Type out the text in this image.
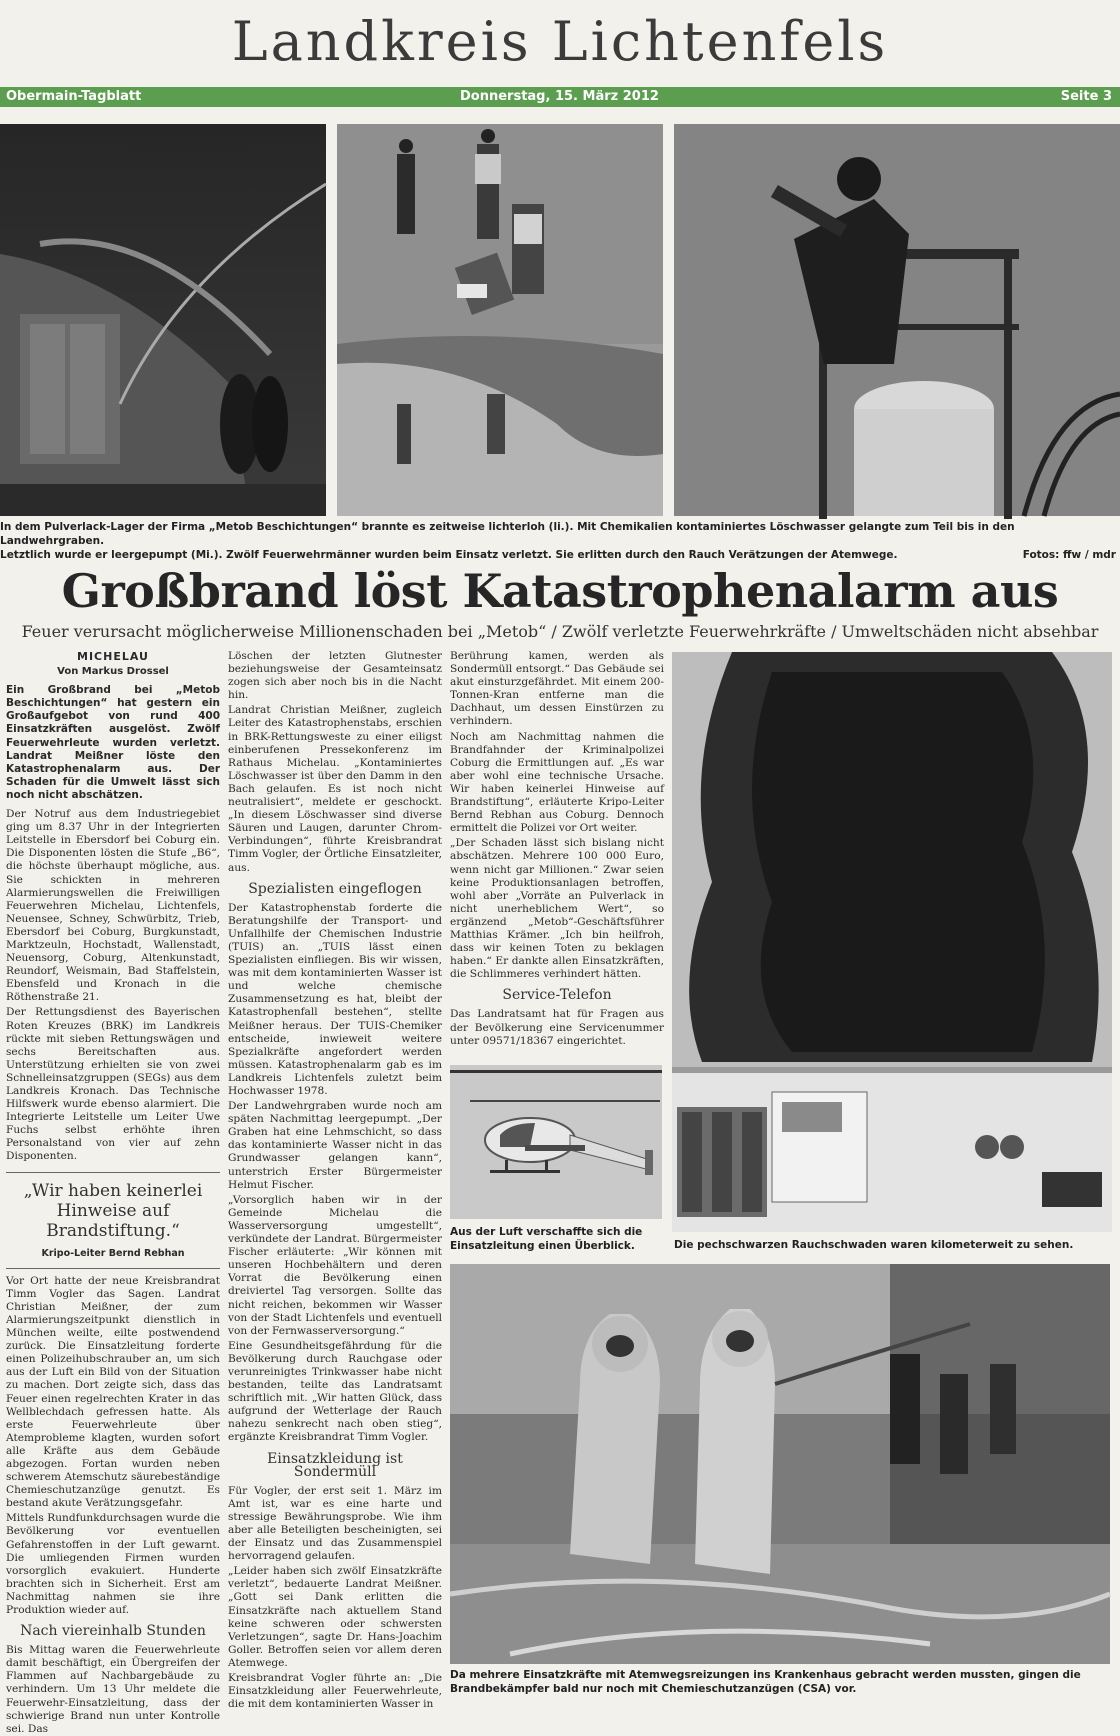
Landkreis Lichtenfels
Obermain-Tagblatt	Donnerstag, 15. März 2012	Seite 3
In dem Pulverlack-Lager der Firma „Metob Beschichtungen“ brannte es zeitweise lichterloh (li.). Mit Chemikalien kontaminiertes Löschwasser gelangte zum Teil bis in den Landwehrgraben.
Letztlich wurde er leergepumpt (Mi.). Zwölf Feuerwehrmänner wurden beim Einsatz verletzt. Sie erlitten durch den Rauch Verätzungen der Atemwege.	Fotos: ffw / mdr
Großbrand löst Katastrophenalarm aus
Feuer verursacht möglicherweise Millionenschaden bei „Metob“ / Zwölf verletzte Feuerwehrkräfte / Umweltschäden nicht absehbar

MICHELAU

Von Markus Drossel

Ein Großbrand bei „Metob Beschichtungen“ hat gestern ein Großaufgebot von rund 400 Einsatzkräften ausgelöst. Zwölf Feuerwehrleute wurden verletzt. Landrat Meißner löste den Katastrophenalarm aus. Der Schaden für die Umwelt lässt sich noch nicht abschätzen.

Der Notruf aus dem Industriegebiet ging um 8.37 Uhr in der Integrierten Leitstelle in Ebersdorf bei Coburg ein. Die Disponenten lösten die Stufe „B6“, die höchste überhaupt mögliche, aus. Sie schickten in mehreren Alarmierungswellen die Freiwilligen Feuerwehren Michelau, Lichtenfels, Neuensee, Schney, Schwürbitz, Trieb, Ebersdorf bei Coburg, Burgkunstadt, Marktzeuln, Hochstadt, Wallenstadt, Neuensorg, Coburg, Altenkunstadt, Reundorf, Weismain, Bad Staffelstein, Ebensfeld und Kronach in die Röthenstraße 21.

Der Rettungsdienst des Bayerischen Roten Kreuzes (BRK) im Landkreis rückte mit sieben Rettungswägen und sechs Bereitschaften aus. Unterstützung erhielten sie von zwei Schnelleinsatzgruppen (SEGs) aus dem Landkreis Kronach. Das Technische Hilfswerk wurde ebenso alarmiert. Die Integrierte Leitstelle um Leiter Uwe Fuchs selbst erhöhte ihren Personalstand von vier auf zehn Disponenten.

„Wir haben keinerlei Hinweise auf Brandstiftung.“
Kripo-Leiter Bernd Rebhan

Vor Ort hatte der neue Kreisbrandrat Timm Vogler das Sagen. Landrat Christian Meißner, der zum Alarmierungszeitpunkt dienstlich in München weilte, eilte postwendend zurück. Die Einsatzleitung forderte einen Polizeihubschrauber an, um sich aus der Luft ein Bild von der Situation zu machen. Dort zeigte sich, dass das Feuer einen regelrechten Krater in das Wellblechdach gefressen hatte. Als erste Feuerwehrleute über Atemprobleme klagten, wurden sofort alle Kräfte aus dem Gebäude abgezogen. Fortan wurden neben schwerem Atemschutz säurebeständige Chemieschutzanzüge genutzt. Es bestand akute Verätzungsgefahr.

Mittels Rundfunkdurchsagen wurde die Bevölkerung vor eventuellen Gefahrenstoffen in der Luft gewarnt. Die umliegenden Firmen wurden vorsorglich evakuiert. Hunderte brachten sich in Sicherheit. Erst am Nachmittag nahmen sie ihre Produktion wieder auf.

Nach viereinhalb Stunden

Bis Mittag waren die Feuerwehrleute damit beschäftigt, ein Übergreifen der Flammen auf Nachbargebäude zu verhindern. Um 13 Uhr meldete die Feuerwehr-Einsatzleitung, dass der schwierige Brand nun unter Kontrolle sei. Das

Löschen der letzten Glutnester beziehungsweise der Gesamteinsatz zogen sich aber noch bis in die Nacht hin.

Landrat Christian Meißner, zugleich Leiter des Katastrophenstabs, erschien in BRK-Rettungsweste zu einer eiligst einberufenen Pressekonferenz im Rathaus Michelau. „Kontaminiertes Löschwasser ist über den Damm in den Bach gelaufen. Es ist noch nicht neutralisiert“, meldete er geschockt. „In diesem Löschwasser sind diverse Säuren und Laugen, darunter Chrom-Verbindungen“, führte Kreisbrandrat Timm Vogler, der Örtliche Einsatzleiter, aus.

Spezialisten eingeflogen

Der Katastrophenstab forderte die Beratungshilfe der Transport- und Unfallhilfe der Chemischen Industrie (TUIS) an. „TUIS lässt einen Spezialisten einfliegen. Bis wir wissen, was mit dem kontaminierten Wasser ist und welche chemische Zusammensetzung es hat, bleibt der Katastrophenfall bestehen“, stellte Meißner heraus. Der TUIS-Chemiker entscheide, inwieweit weitere Spezialkräfte angefordert werden müssen. Katastrophenalarm gab es im Landkreis Lichtenfels zuletzt beim Hochwasser 1978.

Der Landwehrgraben wurde noch am späten Nachmittag leergepumpt. „Der Graben hat eine Lehmschicht, so dass das kontaminierte Wasser nicht in das Grundwasser gelangen kann“, unterstrich Erster Bürgermeister Helmut Fischer.

„Vorsorglich haben wir in der Gemeinde Michelau die Wasserversorgung umgestellt“, verkündete der Landrat. Bürgermeister Fischer erläuterte: „Wir können mit unseren Hochbehältern und deren Vorrat die Bevölkerung einen dreiviertel Tag versorgen. Sollte das nicht reichen, bekommen wir Wasser von der Stadt Lichtenfels und eventuell von der Fernwasserversorgung.“

Eine Gesundheitsgefährdung für die Bevölkerung durch Rauchgase oder verunreinigtes Trinkwasser habe nicht bestanden, teilte das Landratsamt schriftlich mit. „Wir hatten Glück, dass aufgrund der Wetterlage der Rauch nahezu senkrecht nach oben stieg“, ergänzte Kreisbrandrat Timm Vogler.

Einsatzkleidung ist Sondermüll

Für Vogler, der erst seit 1. März im Amt ist, war es eine harte und stressige Bewährungsprobe. Wie ihm aber alle Beteiligten bescheinigten, sei der Einsatz und das Zusammenspiel hervorragend gelaufen.

„Leider haben sich zwölf Einsatzkräfte verletzt“, bedauerte Landrat Meißner. „Gott sei Dank erlitten die Einsatzkräfte nach aktuellem Stand keine schweren oder schwersten Verletzungen“, sagte Dr. Hans-Joachim Goller. Betroffen seien vor allem deren Atemwege.

Kreisbrandrat Vogler führte an: „Die Einsatzkleidung aller Feuerwehrleute, die mit dem kontaminierten Wasser in

Berührung kamen, werden als Sondermüll entsorgt.“ Das Gebäude sei akut einsturzgefährdet. Mit einem 200-Tonnen-Kran entferne man die Dachhaut, um dessen Einstürzen zu verhindern.

Noch am Nachmittag nahmen die Brandfahnder der Kriminalpolizei Coburg die Ermittlungen auf. „Es war aber wohl eine technische Ursache. Wir haben keinerlei Hinweise auf Brandstiftung“, erläuterte Kripo-Leiter Bernd Rebhan aus Coburg. Dennoch ermittelt die Polizei vor Ort weiter.

„Der Schaden lässt sich bislang nicht abschätzen. Mehrere 100 000 Euro, wenn nicht gar Millionen.“ Zwar seien keine Produktionsanlagen betroffen, wohl aber „Vorräte an Pulverlack in nicht unerheblichem Wert“, so ergänzend „Metob“-Geschäftsführer Matthias Krämer. „Ich bin heilfroh, dass wir keinen Toten zu beklagen haben.“ Er dankte allen Einsatzkräften, die Schlimmeres verhindert hätten.

Service-Telefon

Das Landratsamt hat für Fragen aus der Bevölkerung eine Servicenummer unter 09571/18367 eingerichtet.

Aus der Luft verschaffte sich die Einsatzleitung einen Überblick.	Die pechschwarzen Rauchschwaden waren kilometerweit zu sehen.
Da mehrere Einsatzkräfte mit Atemwegsreizungen ins Krankenhaus gebracht werden mussten, gingen die Brandbekämpfer bald nur noch mit Chemieschutzanzügen (CSA) vor.
